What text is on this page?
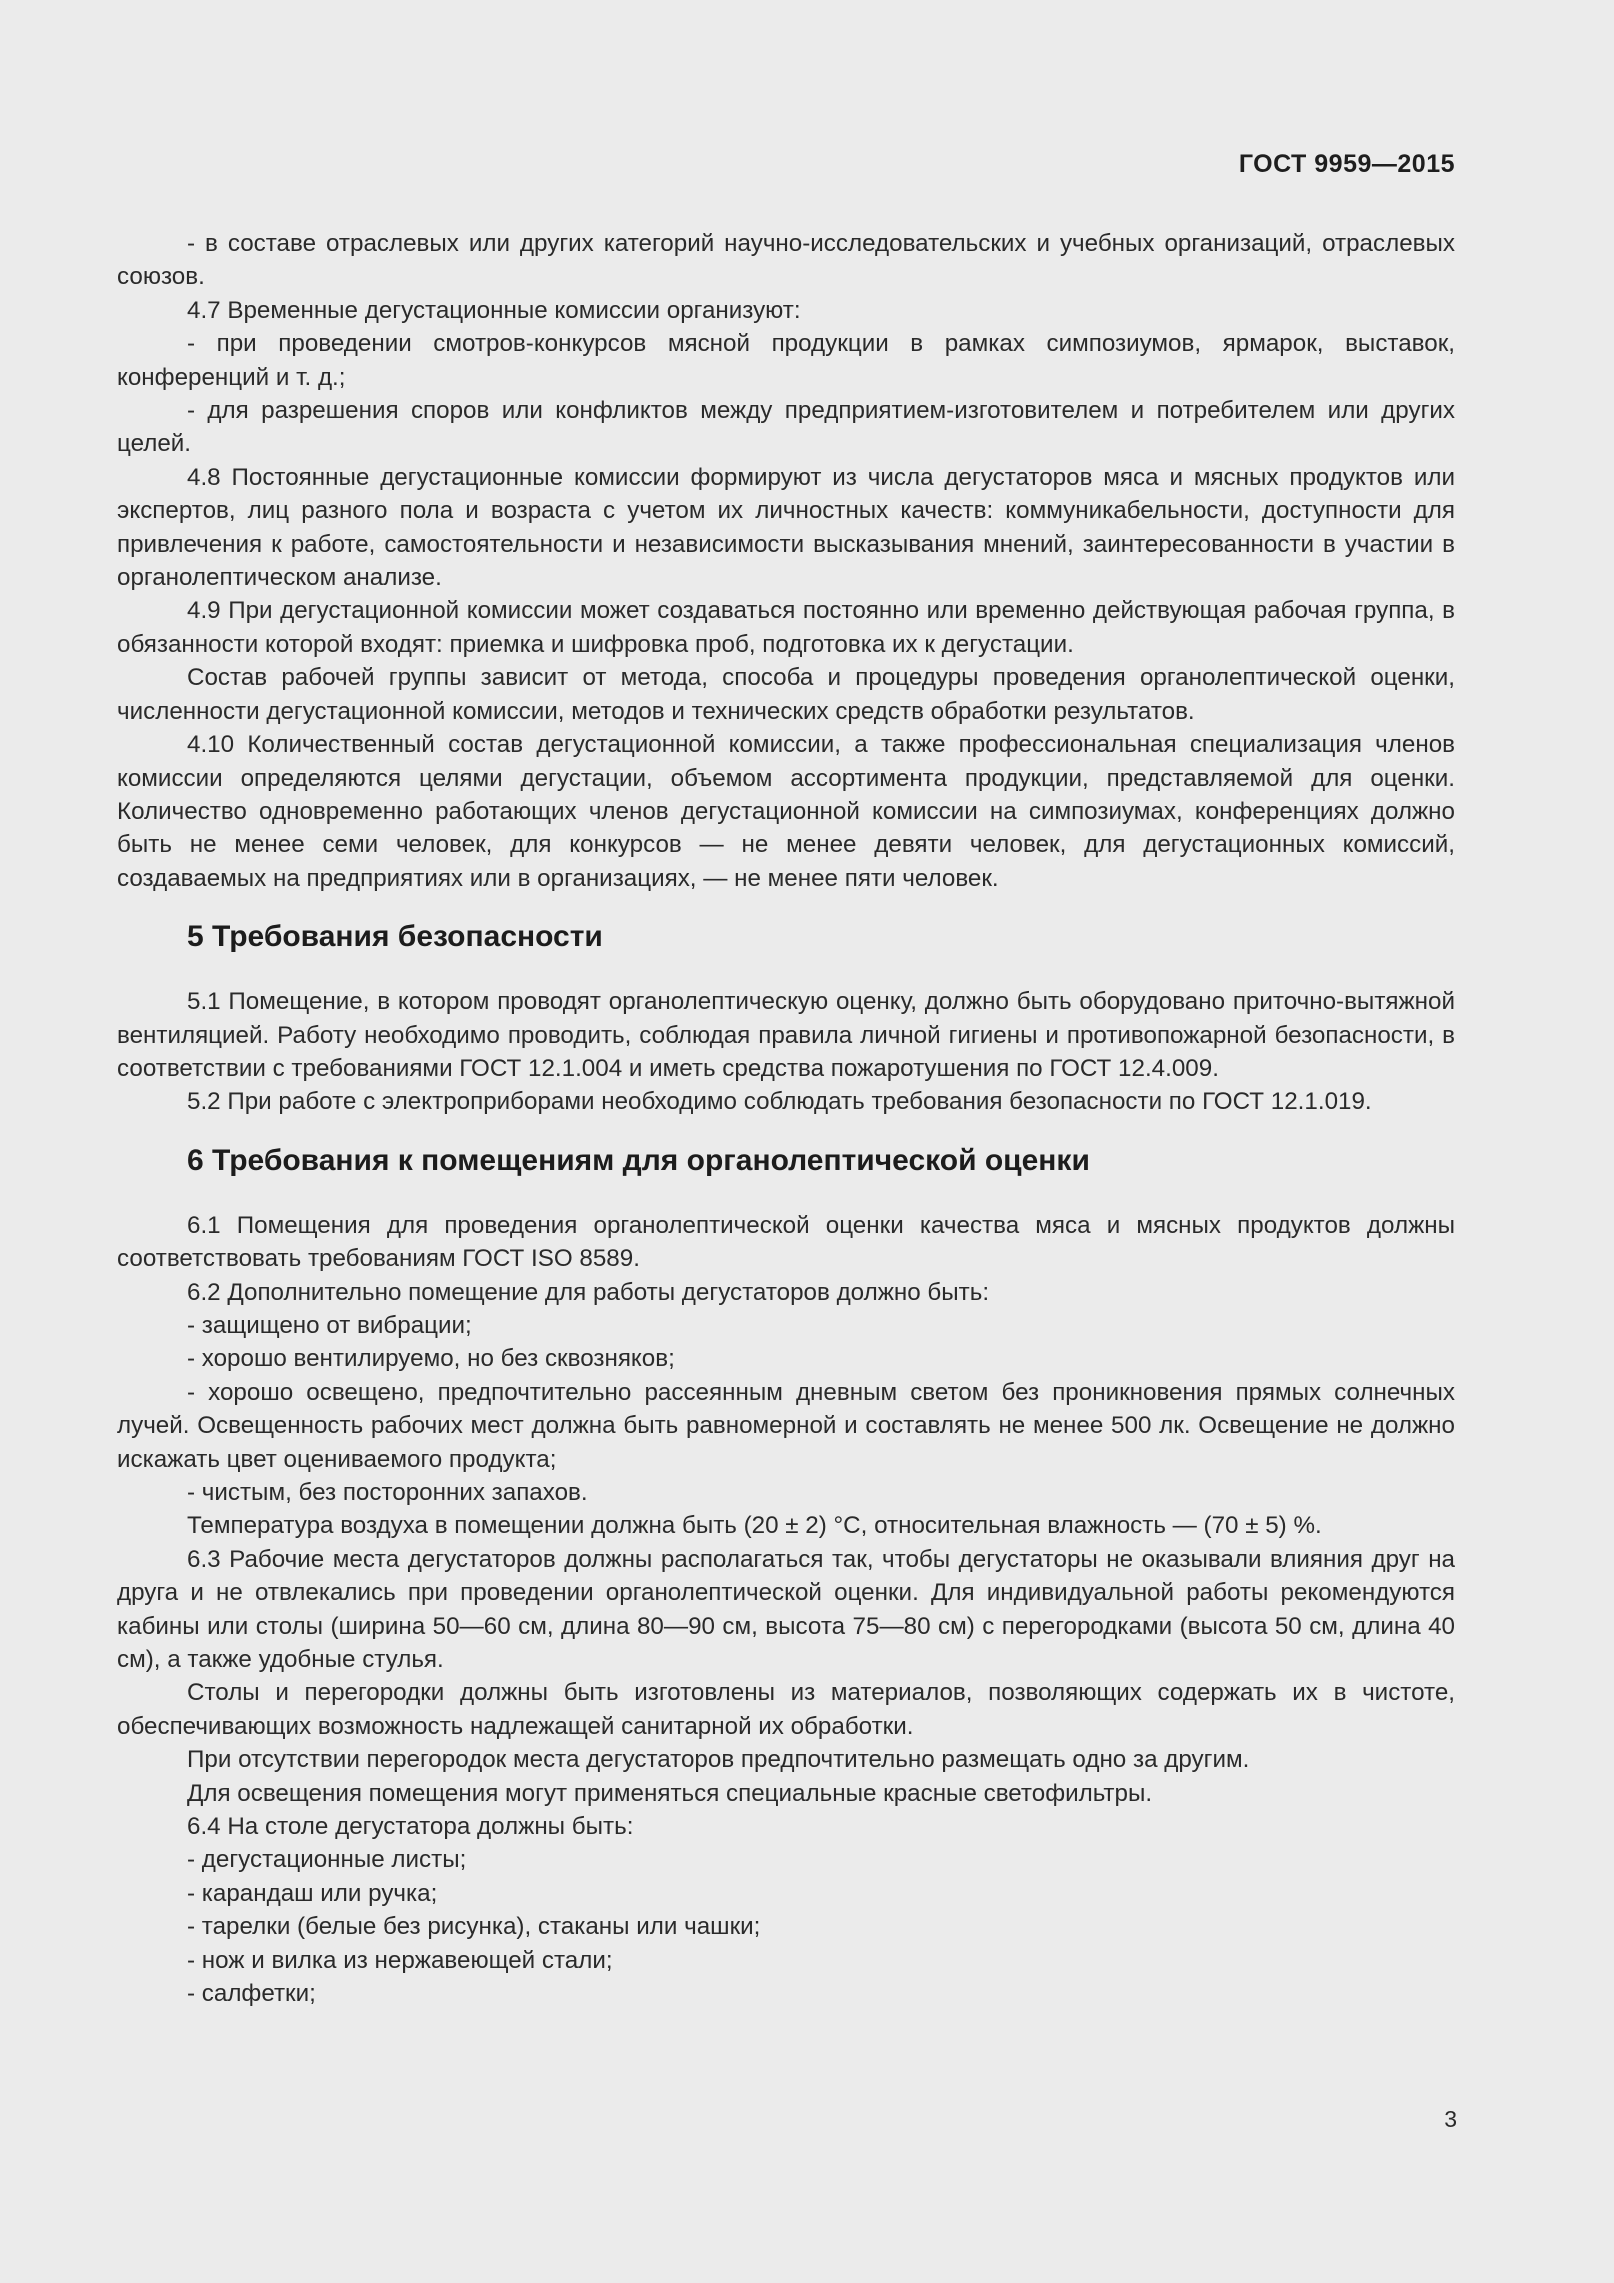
ГОСТ 9959—2015

- в составе отраслевых или других категорий научно-исследовательских и учебных организаций, отраслевых союзов.

4.7 Временные дегустационные комиссии организуют:

- при проведении смотров-конкурсов мясной продукции в рамках симпозиумов, ярмарок, выставок, конференций и т. д.;

- для разрешения споров или конфликтов между предприятием-изготовителем и потребителем или других целей.

4.8 Постоянные дегустационные комиссии формируют из числа дегустаторов мяса и мясных продуктов или экспертов, лиц разного пола и возраста с учетом их личностных качеств: коммуникабельности, доступности для привлечения к работе, самостоятельности и независимости высказывания мнений, заинтересованности в участии в органолептическом анализе.

4.9 При дегустационной комиссии может создаваться постоянно или временно действующая рабочая группа, в обязанности которой входят: приемка и шифровка проб, подготовка их к дегустации.

Состав рабочей группы зависит от метода, способа и процедуры проведения органолептической оценки, численности дегустационной комиссии, методов и технических средств обработки результатов.

4.10 Количественный состав дегустационной комиссии, а также профессиональная специализация членов комиссии определяются целями дегустации, объемом ассортимента продукции, представляемой для оценки. Количество одновременно работающих членов дегустационной комиссии на симпозиумах, конференциях должно быть не менее семи человек, для конкурсов — не менее девяти человек, для дегустационных комиссий, создаваемых на предприятиях или в организациях, — не менее пяти человек.

5 Требования безопасности

5.1 Помещение, в котором проводят органолептическую оценку, должно быть оборудовано приточно-вытяжной вентиляцией. Работу необходимо проводить, соблюдая правила личной гигиены и противопожарной безопасности, в соответствии с требованиями ГОСТ 12.1.004 и иметь средства пожаротушения по ГОСТ 12.4.009.

5.2 При работе с электроприборами необходимо соблюдать требования безопасности по ГОСТ 12.1.019.

6 Требования к помещениям для органолептической оценки

6.1 Помещения для проведения органолептической оценки качества мяса и мясных продуктов должны соответствовать требованиям ГОСТ ISO 8589.

6.2 Дополнительно помещение для работы дегустаторов должно быть:

- защищено от вибрации;

- хорошо вентилируемо, но без сквозняков;

- хорошо освещено, предпочтительно рассеянным дневным светом без проникновения прямых солнечных лучей. Освещенность рабочих мест должна быть равномерной и составлять не менее 500 лк. Освещение не должно искажать цвет оцениваемого продукта;

- чистым, без посторонних запахов.

Температура воздуха в помещении должна быть (20 ± 2) °С, относительная влажность — (70 ± 5) %.

6.3 Рабочие места дегустаторов должны располагаться так, чтобы дегустаторы не оказывали влияния друг на друга и не отвлекались при проведении органолептической оценки. Для индивидуальной работы рекомендуются кабины или столы (ширина 50—60 см, длина 80—90 см, высота 75—80 см) с перегородками (высота 50 см, длина 40 см), а также удобные стулья.

Столы и перегородки должны быть изготовлены из материалов, позволяющих содержать их в чистоте, обеспечивающих возможность надлежащей санитарной их обработки.

При отсутствии перегородок места дегустаторов предпочтительно размещать одно за другим.

Для освещения помещения могут применяться специальные красные светофильтры.

6.4 На столе дегустатора должны быть:

- дегустационные листы;

- карандаш или ручка;

- тарелки (белые без рисунка), стаканы или чашки;

- нож и вилка из нержавеющей стали;

- салфетки;

3
